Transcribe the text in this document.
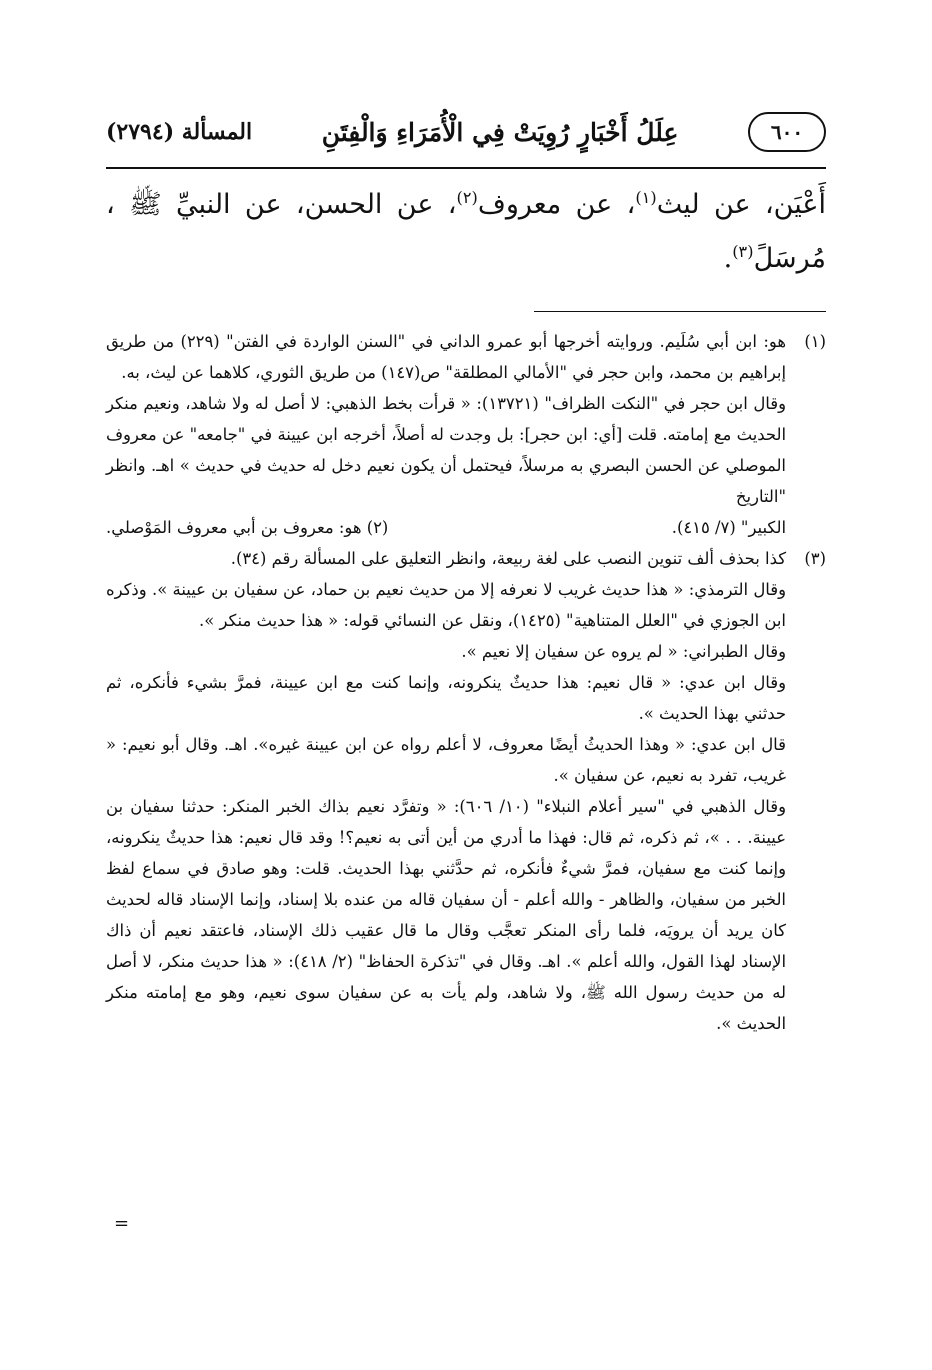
٦٠٠
عِلَلُ أَخْبَارٍ رُوِيَتْ فِي الْأُمَرَاءِ وَالْفِتَنِ
المسألة (٢٧٩٤)
أَعْيَن، عن ليث$^{(١)}$، عن معروف$^{(٢)}$، عن الحسن، عن النبيِّ ﷺ ، مُرسَلً$^{(٣)}$.
(١)

هو: ابن أبي سُلَيم. وروايته أخرجها أبو عمرو الداني في "السنن الواردة في الفتن" (٢٢٩) من طريق إبراهيم بن محمد، وابن حجر في "الأمالي المطلقة" ص(١٤٧) من طريق الثوري، كلاهما عن ليث، به.

وقال ابن حجر في "النكت الظراف" (١٣٧٢١): « قرأت بخط الذهبي: لا أصل له ولا شاهد، ونعيم منكر الحديث مع إمامته. قلت [أي: ابن حجر]: بل وجدت له أصلاً، أخرجه ابن عيينة في "جامعه" عن معروف الموصلي عن الحسن البصري به مرسلاً، فيحتمل أن يكون نعيم دخل له حديث في حديث » اهـ. وانظر "التاريخ

الكبير" (٧/ ٤١٥).
(٢) هو: معروف بن أبي معروف المَوْصلي.
(٣)

كذا بحذف ألف تنوين النصب على لغة ربيعة، وانظر التعليق على المسألة رقم (٣٤).

وقال الترمذي: « هذا حديث غريب لا نعرفه إلا من حديث نعيم بن حماد، عن سفيان بن عيينة ». وذكره ابن الجوزي في "العلل المتناهية" (١٤٢٥)، ونقل عن النسائي قوله: « هذا حديث منكر ».

وقال الطبراني: « لم يروه عن سفيان إلا نعيم ».

وقال ابن عدي: « قال نعيم: هذا حديثٌ ينكرونه، وإنما كنت مع ابن عيينة، فمرَّ بشيء فأنكره، ثم حدثني بهذا الحديث ».

قال ابن عدي: « وهذا الحديثُ أيضًا معروف، لا أعلم رواه عن ابن عيينة غيره». اهـ. وقال أبو نعيم: « غريب، تفرد به نعيم، عن سفيان ».

وقال الذهبي في "سير أعلام النبلاء" (١٠/ ٦٠٦): « وتفرَّد نعيم بذاك الخبر المنكر: حدثنا سفيان بن عيينة. . . »، ثم ذكره، ثم قال: فهذا ما أدري من أين أتى به نعيم؟! وقد قال نعيم: هذا حديثٌ ينكرونه، وإنما كنت مع سفيان، فمرَّ شيءٌ فأنكره، ثم حدَّثني بهذا الحديث. قلت: وهو صادق في سماع لفظ الخبر من سفيان، والظاهر - والله أعلم - أن سفيان قاله من عنده بلا إسناد، وإنما الإسناد قاله لحديث كان يريد أن يرويَه، فلما رأى المنكر تعجَّب وقال ما قال عقيب ذلك الإسناد، فاعتقد نعيم أن ذاك الإسناد لهذا القول، والله أعلم ». اهـ. وقال في "تذكرة الحفاظ" (٢/ ٤١٨): « هذا حديث منكر، لا أصل له من حديث رسول الله ﷺ، ولا شاهد، ولم يأت به عن سفيان سوى نعيم، وهو مع إمامته منكر الحديث ».

=
